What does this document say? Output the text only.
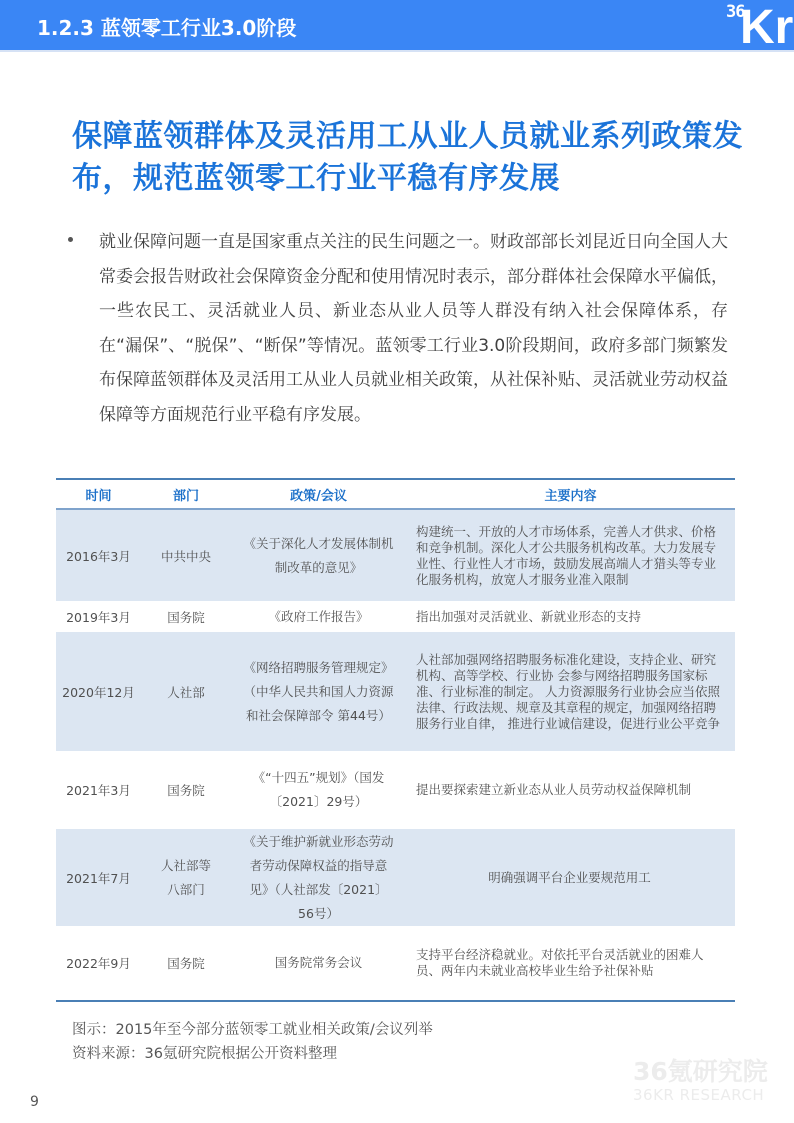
1.2.3 蓝领零工行业3.0阶段
36
Kr
保障蓝领群体及灵活用工从业人员就业系列政策发布，规范蓝领零工行业平稳有序发展

就业保障问题一直是国家重点关注的民生问题之一。财政部部长刘昆近日向全国人大常委会报告财政社会保障资金分配和使用情况时表示，部分群体社会保障水平偏低，一些农民工、灵活就业人员、新业态从业人员等人群没有纳入社会保障体系，存在“漏保”、“脱保”、“断保”等情况。蓝领零工行业3.0阶段期间，政府多部门频繁发布保障蓝领群体及灵活用工从业人员就业相关政策，从社保补贴、灵活就业劳动权益保障等方面规范行业平稳有序发展。

时间	部门	政策/会议	主要内容
2016年3月	中共中央	《关于深化人才发展体制机制改革的意见》	构建统一、开放的人才市场体系，完善人才供求、价格和竞争机制。深化人才公共服务机构改革。大力发展专业性、行业性人才市场，鼓励发展高端人才猎头等专业化服务机构，放宽人才服务业准入限制
2019年3月	国务院	《政府工作报告》	指出加强对灵活就业、新就业形态的支持
2020年12月	人社部	《网络招聘服务管理规定》（中华人民共和国人力资源和社会保障部令 第44号）	人社部加强网络招聘服务标准化建设，支持企业、研究机构、高等学校、行业协 会参与网络招聘服务国家标准、行业标准的制定。 人力资源服务行业协会应当依照法律、行政法规、规章及其章程的规定，加强网络招聘服务行业自律， 推进行业诚信建设，促进行业公平竞争
2021年3月	国务院	《“十四五”规划》（国发〔2021〕29号）	提出要探索建立新业态从业人员劳动权益保障机制
2021年7月	人社部等八部门	《关于维护新就业形态劳动者劳动保障权益的指导意见》（人社部发〔2021〕56号）	明确强调平台企业要规范用工
2022年9月	国务院	国务院常务会议	支持平台经济稳就业。对依托平台灵活就业的困难人员、两年内未就业高校毕业生给予社保补贴
图示：2015年至今部分蓝领零工就业相关政策/会议列举
资料来源：36氪研究院根据公开资料整理
36氪研究院
36KR RESEARCH
9
